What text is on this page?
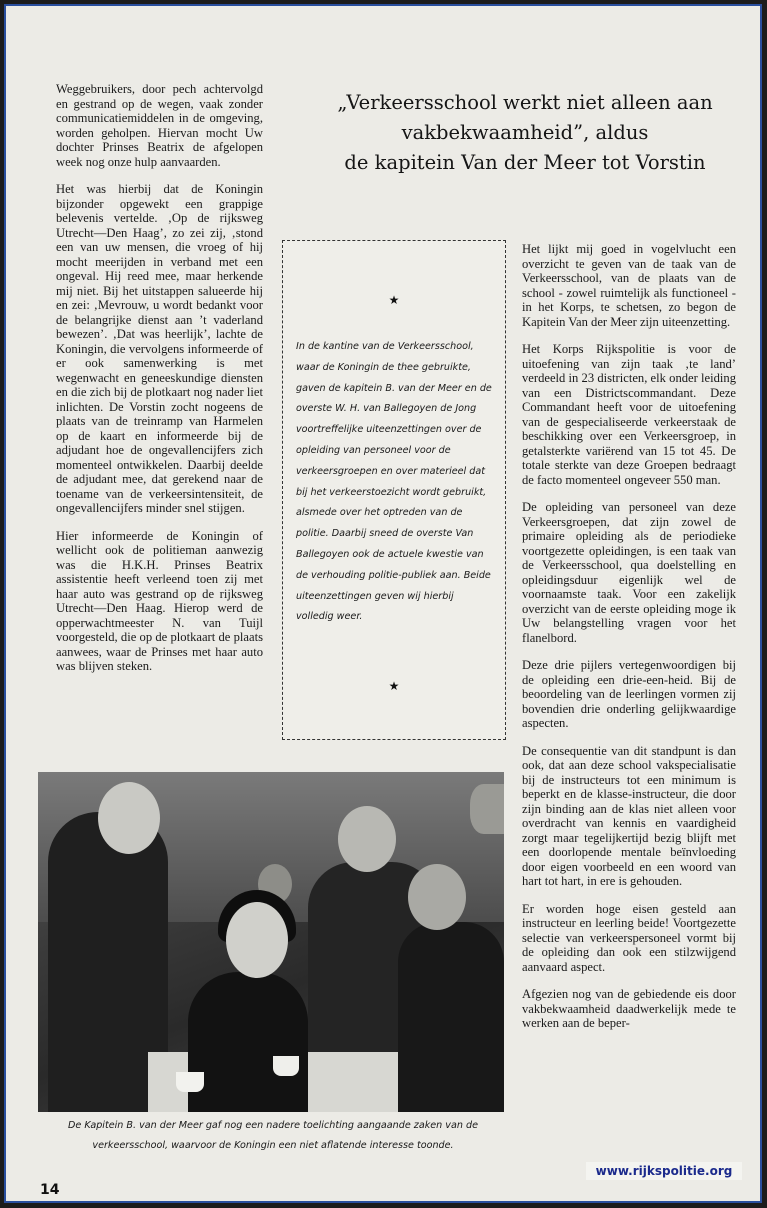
„Verkeersschool werkt niet alleen aan
vakbekwaamheid”, aldus
de kapitein Van der Meer tot Vorstin

Weggebruikers, door pech achtervolgd en gestrand op de wegen, vaak zonder communicatiemiddelen in de omgeving, worden geholpen. Hiervan mocht Uw dochter Prinses Beatrix de afgelopen week nog onze hulp aanvaarden.

Het was hierbij dat de Koningin bijzonder opgewekt een grappige belevenis vertelde. ‚Op de rijksweg Utrecht—Den Haag’, zo zei zij, ‚stond een van uw mensen, die vroeg of hij mocht meerijden in verband met een ongeval. Hij reed mee, maar herkende mij niet. Bij het uitstappen salueerde hij en zei: ‚Mevrouw, u wordt bedankt voor de belangrijke dienst aan ’t vaderland bewezen’. ‚Dat was heerlijk’, lachte de Koningin, die vervolgens informeerde of er ook samenwerking is met wegenwacht en geneeskundige diensten en die zich bij de plotkaart nog nader liet inlichten. De Vorstin zocht nogeens de plaats van de treinramp van Harmelen op de kaart en informeerde bij de adjudant hoe de ongevallencijfers zich momenteel ontwikkelen. Daarbij deelde de adjudant mee, dat gerekend naar de toename van de verkeersintensiteit, de ongevallencijfers minder snel stijgen.

Hier informeerde de Koningin of wellicht ook de politieman aanwezig was die H.K.H. Prinses Beatrix assistentie heeft verleend toen zij met haar auto was gestrand op de rijksweg Utrecht—Den Haag. Hierop werd de opperwachtmeester N. van Tuijl voorgesteld, die op de plotkaart de plaats aanwees, waar de Prinses met haar auto was blijven steken.

★

In de kantine van de Verkeersschool, waar de Koningin de thee gebruikte, gaven de kapitein B. van der Meer en de overste W. H. van Ballegoyen de Jong voortreffelijke uiteenzettingen over de opleiding van personeel voor de verkeersgroepen en over materieel dat bij het verkeerstoezicht wordt gebruikt, alsmede over het optreden van de politie. Daarbij sneed de overste Van Ballegoyen ook de actuele kwestie van de verhouding politie-publiek aan. Beide uiteenzettingen geven wij hierbij volledig weer.

★

Het lijkt mij goed in vogelvlucht een overzicht te geven van de taak van de Verkeersschool, van de plaats van de school - zowel ruimtelijk als functioneel - in het Korps, te schetsen, zo begon de Kapitein Van der Meer zijn uiteenzetting.

Het Korps Rijkspolitie is voor de uitoefening van zijn taak ‚te land’ verdeeld in 23 districten, elk onder leiding van een Districtscommandant. Deze Commandant heeft voor de uitoefening van de gespecialiseerde verkeerstaak de beschikking over een Verkeersgroep, in getalsterkte variërend van 15 tot 45. De totale sterkte van deze Groepen bedraagt de facto momenteel ongeveer 550 man.

De opleiding van personeel van deze Verkeersgroepen, dat zijn zowel de primaire opleiding als de periodieke voortgezette opleidingen, is een taak van de Verkeersschool, qua doelstelling en opleidingsduur eigenlijk wel de voornaamste taak. Voor een zakelijk overzicht van de eerste opleiding moge ik Uw belangstelling vragen voor het flanelbord.

Deze drie pijlers vertegenwoordigen bij de opleiding een drie-een-heid. Bij de beoordeling van de leerlingen vormen zij bovendien drie onderling gelijkwaardige aspecten.

De consequentie van dit standpunt is dan ook, dat aan deze school vakspecialisatie bij de instructeurs tot een minimum is beperkt en de klasse-instructeur, die door zijn binding aan de klas niet alleen voor overdracht van kennis en vaardigheid zorgt maar tegelijkertijd bezig blijft met een doorlopende mentale beïnvloeding door eigen voorbeeld en een woord van hart tot hart, in ere is gehouden.

Er worden hoge eisen gesteld aan instructeur en leerling beide! Voortgezette selectie van verkeerspersoneel vormt bij de opleiding dan ook een stilzwijgend aanvaard aspect.

Afgezien nog van de gebiedende eis door vakbekwaamheid daadwerkelijk mede te werken aan de beper-

De Kapitein B. van der Meer gaf nog een nadere toelichting aangaande zaken van de verkeersschool, waarvoor de Koningin een niet aflatende interesse toonde.

14
www.rijkspolitie.org
